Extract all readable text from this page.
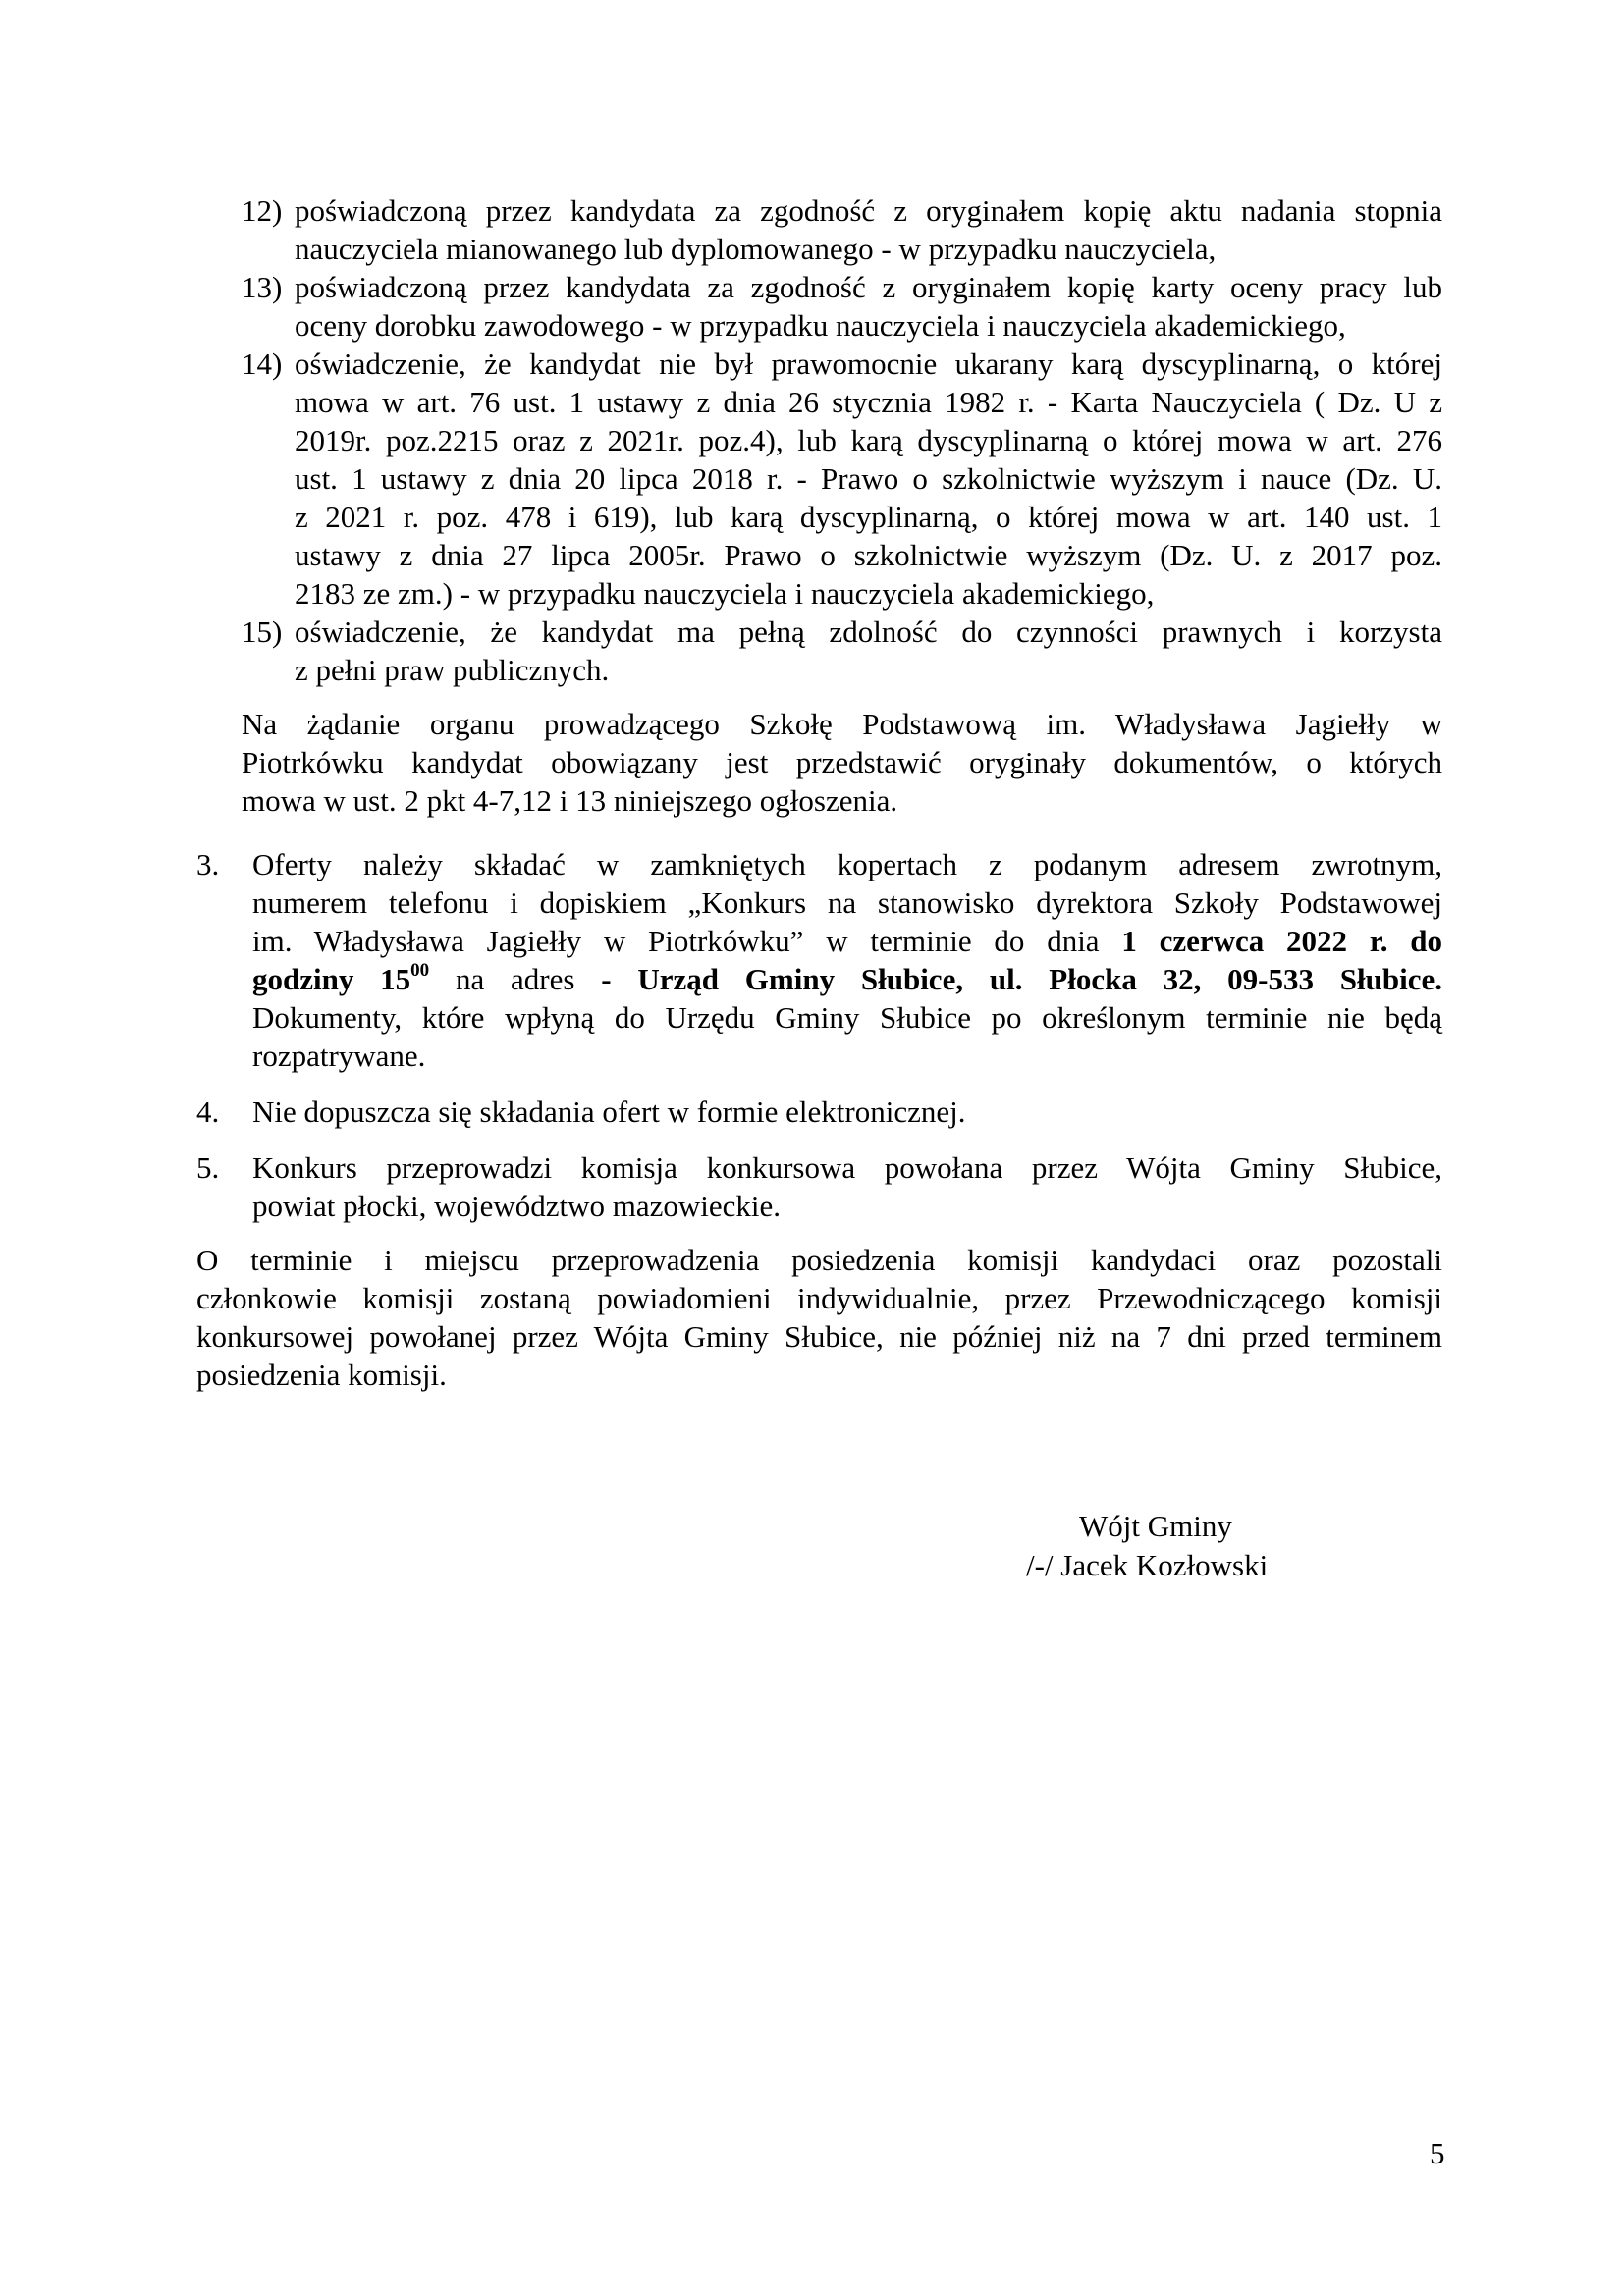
12) poświadczoną przez kandydata za zgodność z oryginałem kopię aktu nadania stopnia
nauczyciela mianowanego lub dyplomowanego - w przypadku nauczyciela,
13) poświadczoną przez kandydata za zgodność z oryginałem kopię karty oceny pracy lub
oceny dorobku zawodowego - w przypadku nauczyciela i nauczyciela akademickiego,
14) oświadczenie, że kandydat nie był prawomocnie ukarany karą dyscyplinarną, o której
mowa w art. 76 ust. 1 ustawy z dnia 26 stycznia 1982 r. - Karta Nauczyciela ( Dz. U z
2019r. poz.2215 oraz z 2021r. poz.4), lub karą dyscyplinarną o której mowa w art. 276
ust. 1 ustawy z dnia 20 lipca 2018 r. - Prawo o szkolnictwie wyższym i nauce (Dz. U.
z 2021 r. poz. 478 i 619), lub karą dyscyplinarną, o której mowa w art. 140 ust. 1
ustawy z dnia 27 lipca 2005r. Prawo o szkolnictwie wyższym (Dz. U. z 2017 poz.
2183 ze zm.) - w przypadku nauczyciela i nauczyciela akademickiego,
15) oświadczenie, że kandydat ma pełną zdolność do czynności prawnych i korzysta
z pełni praw publicznych.
Na żądanie organu prowadzącego Szkołę Podstawową im. Władysława Jagiełły w
Piotrkówku kandydat obowiązany jest przedstawić oryginały dokumentów, o których
mowa w ust. 2 pkt 4-7,12 i 13 niniejszego ogłoszenia.
3.	Oferty należy składać w zamkniętych kopertach z podanym adresem zwrotnym,
numerem telefonu i dopiskiem „Konkurs na stanowisko dyrektora Szkoły Podstawowej
im. Władysława Jagiełły w Piotrkówku” w terminie do dnia 1 czerwca 2022 r. do
godziny $15^{00}$ na adres - Urząd Gminy Słubice, ul. Płocka 32, 09-533 Słubice.
Dokumenty, które wpłyną do Urzędu Gminy Słubice po określonym terminie nie będą
rozpatrywane.
4.	Nie dopuszcza się składania ofert w formie elektronicznej.
5.	Konkurs przeprowadzi komisja konkursowa powołana przez Wójta Gminy Słubice,
powiat płocki, województwo mazowieckie.
O terminie i miejscu przeprowadzenia posiedzenia komisji kandydaci oraz pozostali
członkowie komisji zostaną powiadomieni indywidualnie, przez Przewodniczącego komisji
konkursowej powołanej przez Wójta Gminy Słubice, nie później niż na 7 dni przed terminem
posiedzenia komisji.
Wójt Gminy
/-/ Jacek Kozłowski
5
